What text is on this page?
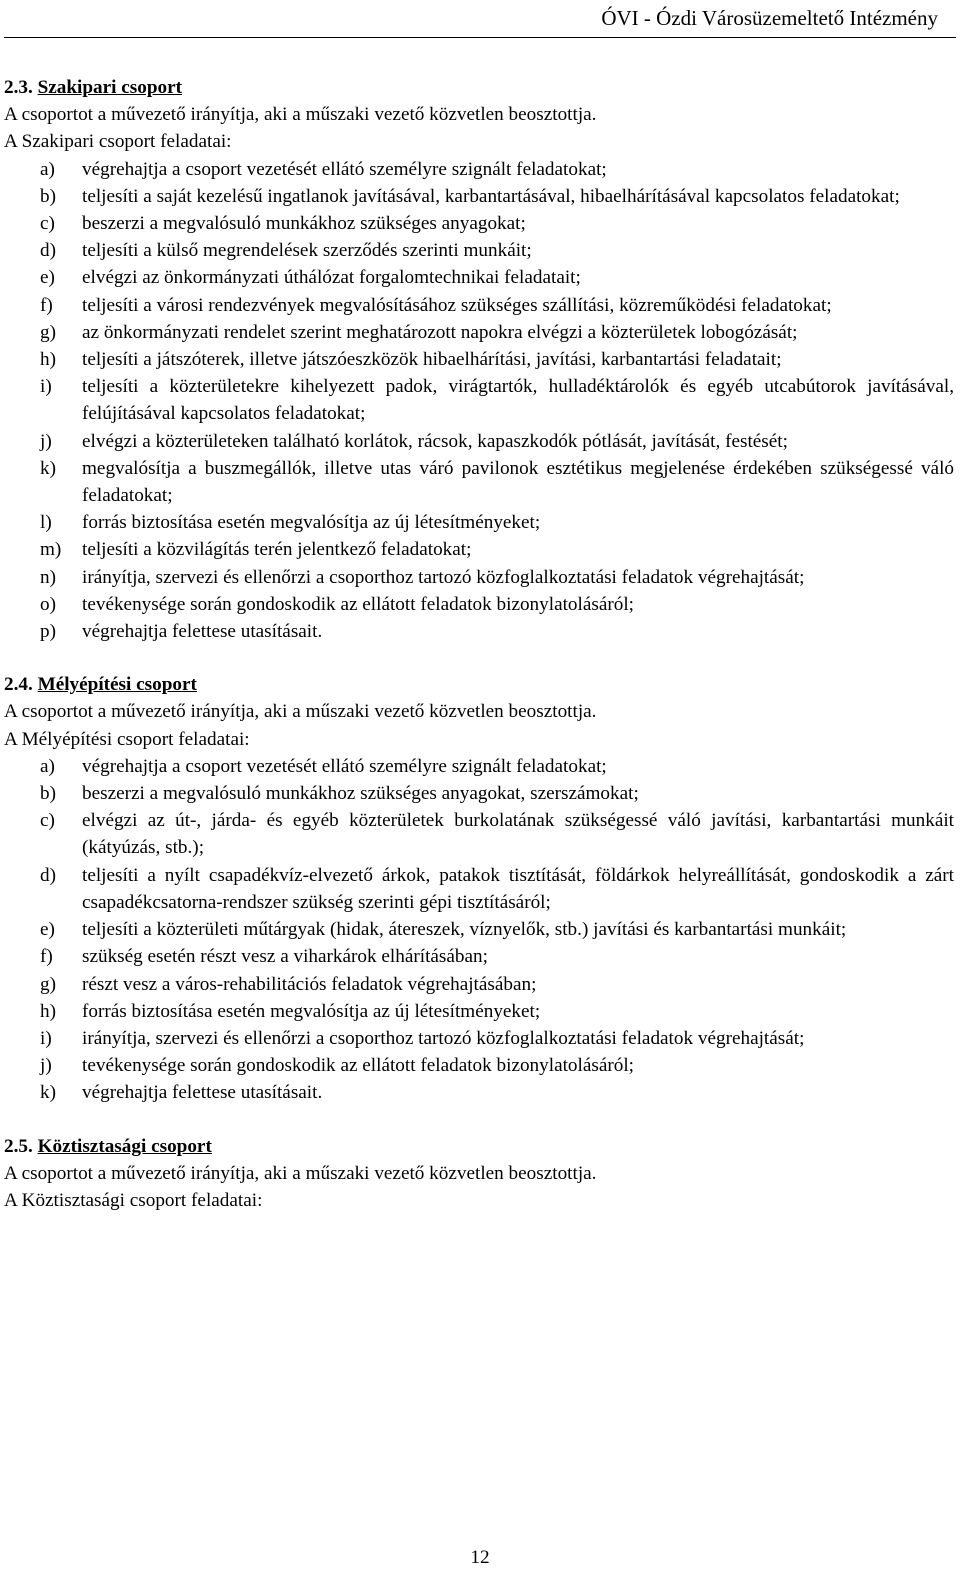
ÓVI - Ózdi Városüzemeltető Intézmény
2.3. Szakipari csoport
A csoportot a művezető irányítja, aki a műszaki vezető közvetlen beosztottja.
A Szakipari csoport feladatai:
a)	végrehajtja a csoport vezetését ellátó személyre szignált feladatokat;
b)	teljesíti a saját kezelésű ingatlanok javításával, karbantartásával, hibaelhárításával kapcsolatos feladatokat;
c)	beszerzi a megvalósuló munkákhoz szükséges anyagokat;
d)	teljesíti a külső megrendelések szerződés szerinti munkáit;
e)	elvégzi az önkormányzati úthálózat forgalomtechnikai feladatait;
f)	teljesíti a városi rendezvények megvalósításához szükséges szállítási, közreműködési feladatokat;
g)	az önkormányzati rendelet szerint meghatározott napokra elvégzi a közterületek lobogózását;
h)	teljesíti a játszóterek, illetve játszóeszközök hibaelhárítási, javítási, karbantartási feladatait;
i)	teljesíti a közterületekre kihelyezett padok, virágtartók, hulladéktárolók és egyéb utcabútorok javításával, felújításával kapcsolatos feladatokat;
j)	elvégzi a közterületeken található korlátok, rácsok, kapaszkodók pótlását, javítását, festését;
k)	megvalósítja a buszmegállók, illetve utas váró pavilonok esztétikus megjelenése érdekében szükségessé váló feladatokat;
l)	forrás biztosítása esetén megvalósítja az új létesítményeket;
m)	teljesíti a közvilágítás terén jelentkező feladatokat;
n)	irányítja, szervezi és ellenőrzi a csoporthoz tartozó közfoglalkoztatási feladatok végrehajtását;
o)	tevékenysége során gondoskodik az ellátott feladatok bizonylatolásáról;
p)	végrehajtja felettese utasításait.
2.4. Mélyépítési csoport
A csoportot a művezető irányítja, aki a műszaki vezető közvetlen beosztottja.
A Mélyépítési csoport feladatai:
a)	végrehajtja a csoport vezetését ellátó személyre szignált feladatokat;
b)	beszerzi a megvalósuló munkákhoz szükséges anyagokat, szerszámokat;
c)	elvégzi az út-, járda- és egyéb közterületek burkolatának szükségessé váló javítási, karbantartási munkáit (kátyúzás, stb.);
d)	teljesíti a nyílt csapadékvíz-elvezető árkok, patakok tisztítását, földárkok helyreállítását, gondoskodik a zárt csapadékcsatorna-rendszer szükség szerinti gépi tisztításáról;
e)	teljesíti a közterületi műtárgyak (hidak, átereszek, víznyelők, stb.) javítási és karbantartási munkáit;
f)	szükség esetén részt vesz a viharkárok elhárításában;
g)	részt vesz a város-rehabilitációs feladatok végrehajtásában;
h)	forrás biztosítása esetén megvalósítja az új létesítményeket;
i)	irányítja, szervezi és ellenőrzi a csoporthoz tartozó közfoglalkoztatási feladatok végrehajtását;
j)	tevékenysége során gondoskodik az ellátott feladatok bizonylatolásáról;
k)	végrehajtja felettese utasításait.
2.5. Köztisztasági csoport
A csoportot a művezető irányítja, aki a műszaki vezető közvetlen beosztottja.
A Köztisztasági csoport feladatai:
12
